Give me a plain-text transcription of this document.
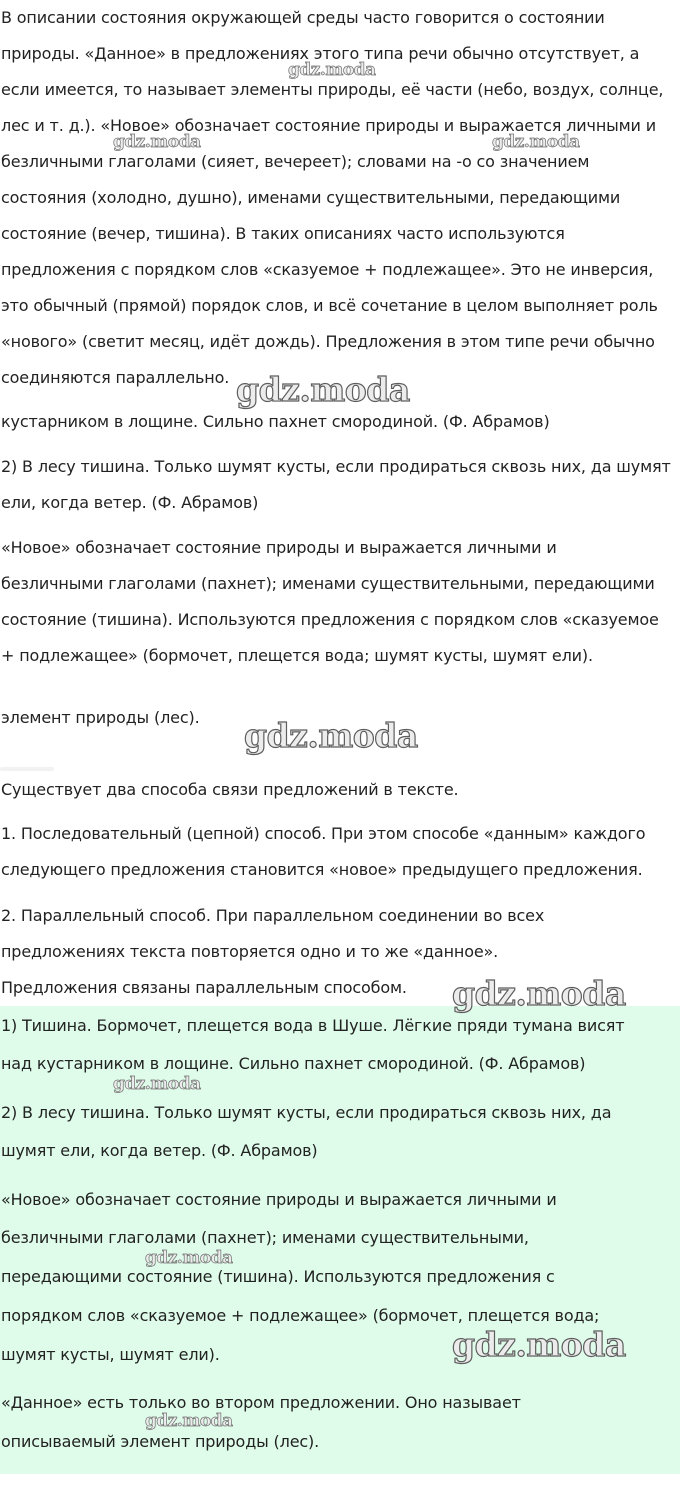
В описании состояния окружающей среды часто говорится о состоянии
природы. «Данное» в предложениях этого типа речи обычно отсутствует, а
если имеется, то называет элементы природы, её части (небо, воздух, солнце,
лес и т. д.). «Новое» обозначает состояние природы и выражается личными и
безличными глаголами (сияет, вечереет); словами на -о со значением
состояния (холодно, душно), именами существительными, передающими
состояние (вечер, тишина). В таких описаниях часто используются
предложения с порядком слов «сказуемое + подлежащее». Это не инверсия,
это обычный (прямой) порядок слов, и всё сочетание в целом выполняет роль
«нового» (светит месяц, идёт дождь). Предложения в этом типе речи обычно
соединяются параллельно.
кустарником в лощине. Сильно пахнет смородиной. (Ф. Абрамов)
2) В лесу тишина. Только шумят кусты, если продираться сквозь них, да шумят
ели, когда ветер. (Ф. Абрамов)
«Новое» обозначает состояние природы и выражается личными и
безличными глаголами (пахнет); именами существительными, передающими
состояние (тишина). Используются предложения с порядком слов «сказуемое
+ подлежащее» (бормочет, плещется вода; шумят кусты, шумят ели).
элемент природы (лес).
Существует два способа связи предложений в тексте.
1. Последовательный (цепной) способ. При этом способе «данным» каждого
следующего предложения становится «новое» предыдущего предложения.
2. Параллельный способ. При параллельном соединении во всех
предложениях текста повторяется одно и то же «данное».
Предложения связаны параллельным способом.
1) Тишина. Бормочет, плещется вода в Шуше. Лёгкие пряди тумана висят
над кустарником в лощине. Сильно пахнет смородиной. (Ф. Абрамов)
2) В лесу тишина. Только шумят кусты, если продираться сквозь них, да
шумят ели, когда ветер. (Ф. Абрамов)
«Новое» обозначает состояние природы и выражается личными и
безличными глаголами (пахнет); именами существительными,
передающими состояние (тишина). Используются предложения с
порядком слов «сказуемое + подлежащее» (бормочет, плещется вода;
шумят кусты, шумят ели).
«Данное» есть только во втором предложении. Оно называет
описываемый элемент природы (лес).
gdz.moda
gdz.moda
gdz.moda
gdz.moda
gdz.moda
gdz.moda
gdz.moda
gdz.moda
gdz.moda
gdz.moda
